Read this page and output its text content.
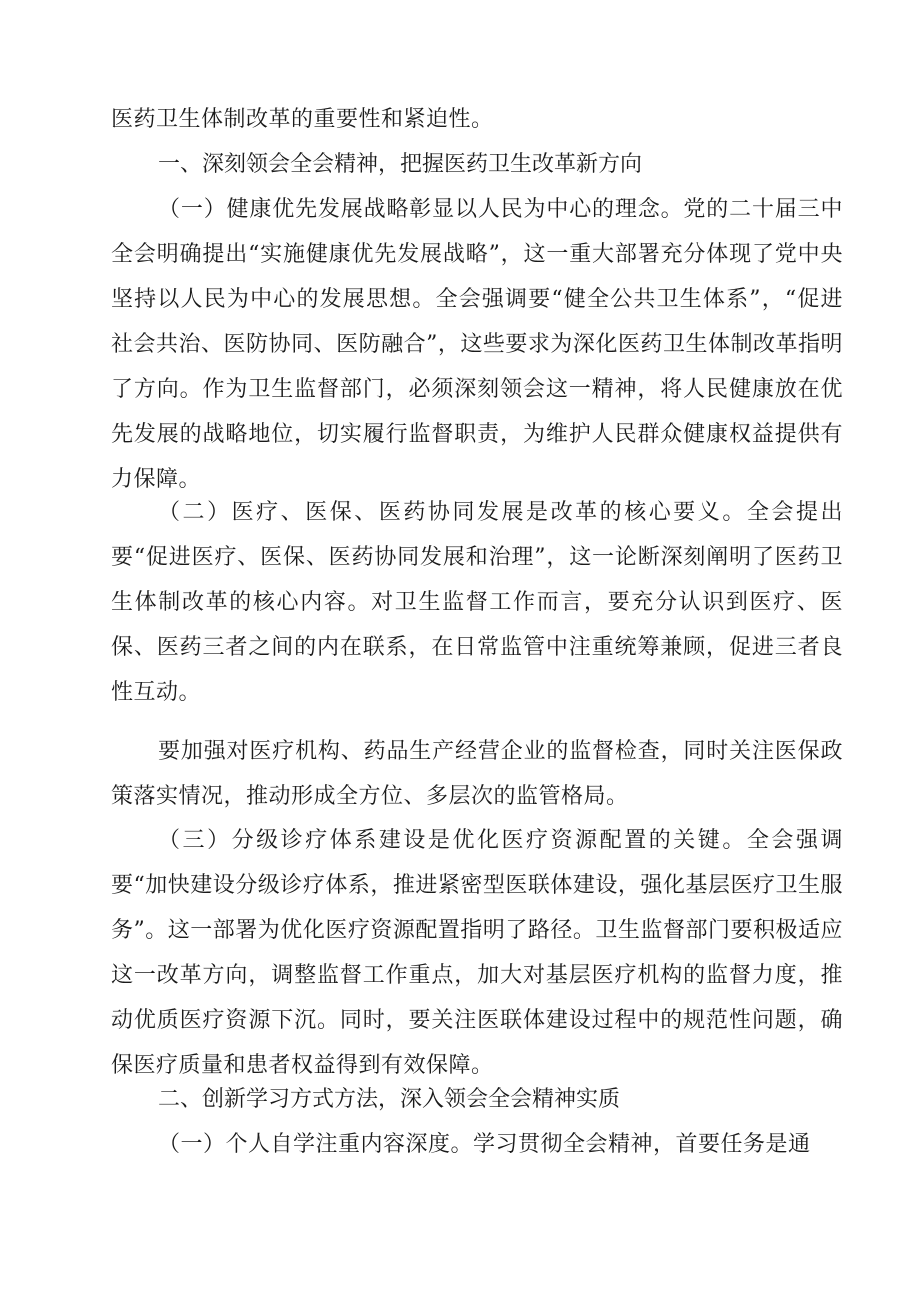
医药卫生体制改革的重要性和紧迫性。

一、深刻领会全会精神，把握医药卫生改革新方向

（一）健康优先发展战略彰显以人民为中心的理念。党的二十届三中全会明确提出“实施健康优先发展战略”，这一重大部署充分体现了党中央坚持以人民为中心的发展思想。全会强调要“健全公共卫生体系”，“促进社会共治、医防协同、医防融合”，这些要求为深化医药卫生体制改革指明了方向。作为卫生监督部门，必须深刻领会这一精神，将人民健康放在优先发展的战略地位，切实履行监督职责，为维护人民群众健康权益提供有力保障。

（二）医疗、医保、医药协同发展是改革的核心要义。全会提出要“促进医疗、医保、医药协同发展和治理”，这一论断深刻阐明了医药卫生体制改革的核心内容。对卫生监督工作而言，要充分认识到医疗、医保、医药三者之间的内在联系，在日常监管中注重统筹兼顾，促进三者良性互动。

要加强对医疗机构、药品生产经营企业的监督检查，同时关注医保政策落实情况，推动形成全方位、多层次的监管格局。

（三）分级诊疗体系建设是优化医疗资源配置的关键。全会强调要“加快建设分级诊疗体系，推进紧密型医联体建设，强化基层医疗卫生服务”。这一部署为优化医疗资源配置指明了路径。卫生监督部门要积极适应这一改革方向，调整监督工作重点，加大对基层医疗机构的监督力度，推动优质医疗资源下沉。同时，要关注医联体建设过程中的规范性问题，确保医疗质量和患者权益得到有效保障。

二、创新学习方式方法，深入领会全会精神实质

（一）个人自学注重内容深度。学习贯彻全会精神，首要任务是通
